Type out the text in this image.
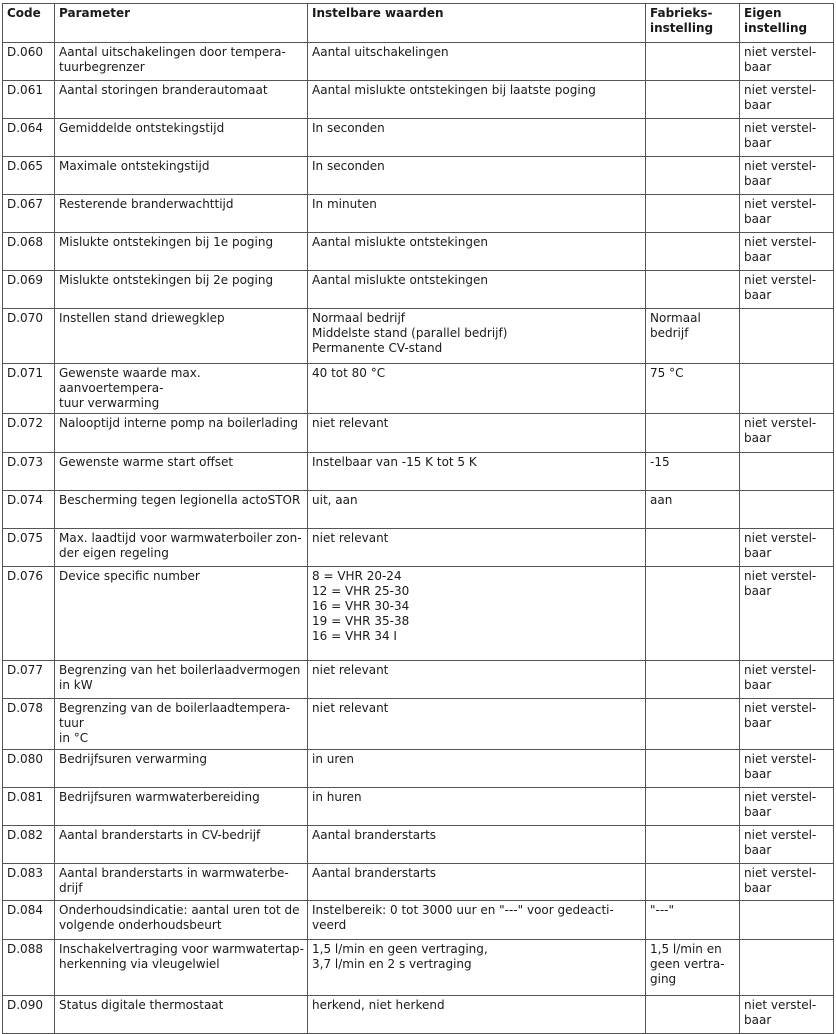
Code	Parameter	Instelbare waarden	Fabrieks-
instelling	Eigen
instelling
D.060	Aantal uitschakelingen door tempera-
tuurbegrenzer	Aantal uitschakelingen		niet verstel-
baar
D.061	Aantal storingen branderautomaat	Aantal mislukte ontstekingen bij laatste poging		niet verstel-
baar
D.064	Gemiddelde ontstekingstijd	In seconden		niet verstel-
baar
D.065	Maximale ontstekingstijd	In seconden		niet verstel-
baar
D.067	Resterende branderwachttijd	In minuten		niet verstel-
baar
D.068	Mislukte ontstekingen bij 1e poging	Aantal mislukte ontstekingen		niet verstel-
baar
D.069	Mislukte ontstekingen bij 2e poging	Aantal mislukte ontstekingen		niet verstel-
baar
D.070	Instellen stand driewegklep	Normaal bedrijf
Middelste stand (parallel bedrijf)
Permanente CV-stand	Normaal
bedrijf	
D.071	Gewenste waarde max. aanvoertempera-
tuur verwarming	40 tot 80 °C	75 °C	
D.072	Nalooptijd interne pomp na boilerlading	niet relevant		niet verstel-
baar
D.073	Gewenste warme start offset	Instelbaar van -15 K tot 5 K	-15	
D.074	Bescherming tegen legionella actoSTOR	uit, aan	aan	
D.075	Max. laadtijd voor warmwaterboiler zon-
der eigen regeling	niet relevant		niet verstel-
baar
D.076	Device specific number	8 = VHR 20-24
12 = VHR 25-30
16 = VHR 30-34
19 = VHR 35-38
16 = VHR 34 I		niet verstel-
baar
D.077	Begrenzing van het boilerlaadvermogen
in kW	niet relevant		niet verstel-
baar
D.078	Begrenzing van de boilerlaadtempera-
tuur
in °C	niet relevant		niet verstel-
baar
D.080	Bedrijfsuren verwarming	in uren		niet verstel-
baar
D.081	Bedrijfsuren warmwaterbereiding	in huren		niet verstel-
baar
D.082	Aantal branderstarts in CV-bedrijf	Aantal branderstarts		niet verstel-
baar
D.083	Aantal branderstarts in warmwaterbe-
drijf	Aantal branderstarts		niet verstel-
baar
D.084	Onderhoudsindicatie: aantal uren tot de
volgende onderhoudsbeurt	Instelbereik: 0 tot 3000 uur en "---" voor gedeacti-
veerd	"---"	
D.088	Inschakelvertraging voor warmwatertap-
herkenning via vleugelwiel	1,5 l/min en geen vertraging,
3,7 l/min en 2 s vertraging	1,5 l/min en
geen vertra-
ging	
D.090	Status digitale thermostaat	herkend, niet herkend		niet verstel-
baar
